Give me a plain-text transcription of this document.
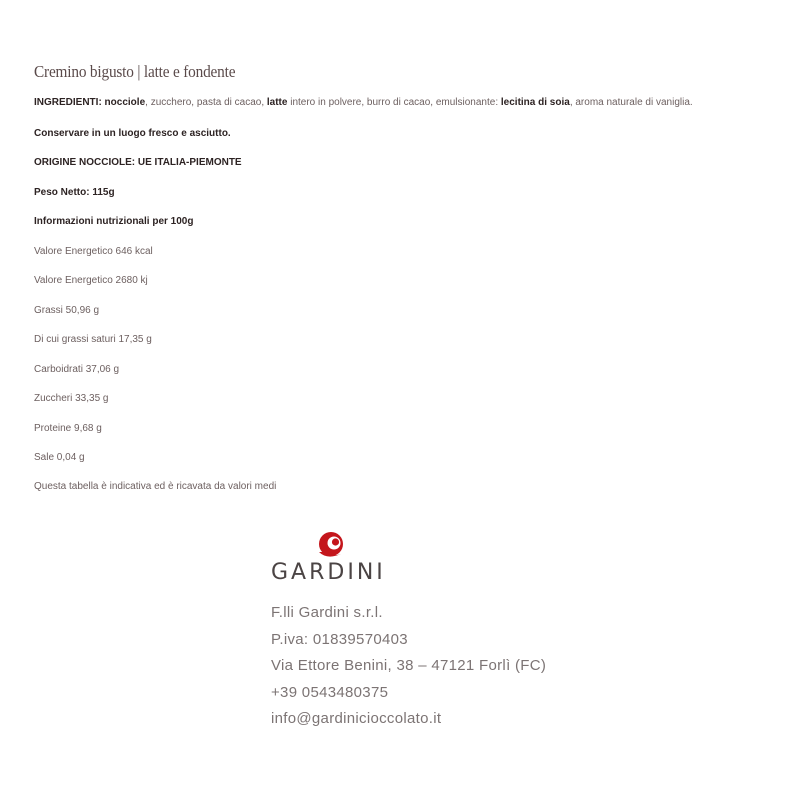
Cremino bigusto | latte e fondente

INGREDIENTI: nocciole, zucchero, pasta di cacao, latte intero in polvere, burro di cacao, emulsionante: lecitina di soia, aroma naturale di vaniglia.

Conservare in un luogo fresco e asciutto.

ORIGINE NOCCIOLE: UE ITALIA-PIEMONTE

Peso Netto: 115g

Informazioni nutrizionali per 100g

Valore Energetico 646 kcal

Valore Energetico 2680 kj

Grassi 50,96 g

Di cui grassi saturi 17,35 g

Carboidrati 37,06 g

Zuccheri 33,35 g

Proteine 9,68 g

Sale 0,04 g

Questa tabella è indicativa ed è ricavata da valori medi

GARDINI

F.lli Gardini s.r.l.

P.iva: 01839570403

Via Ettore Benini, 38 – 47121 Forlì (FC)

+39 0543480375

info@gardinicioccolato.it
